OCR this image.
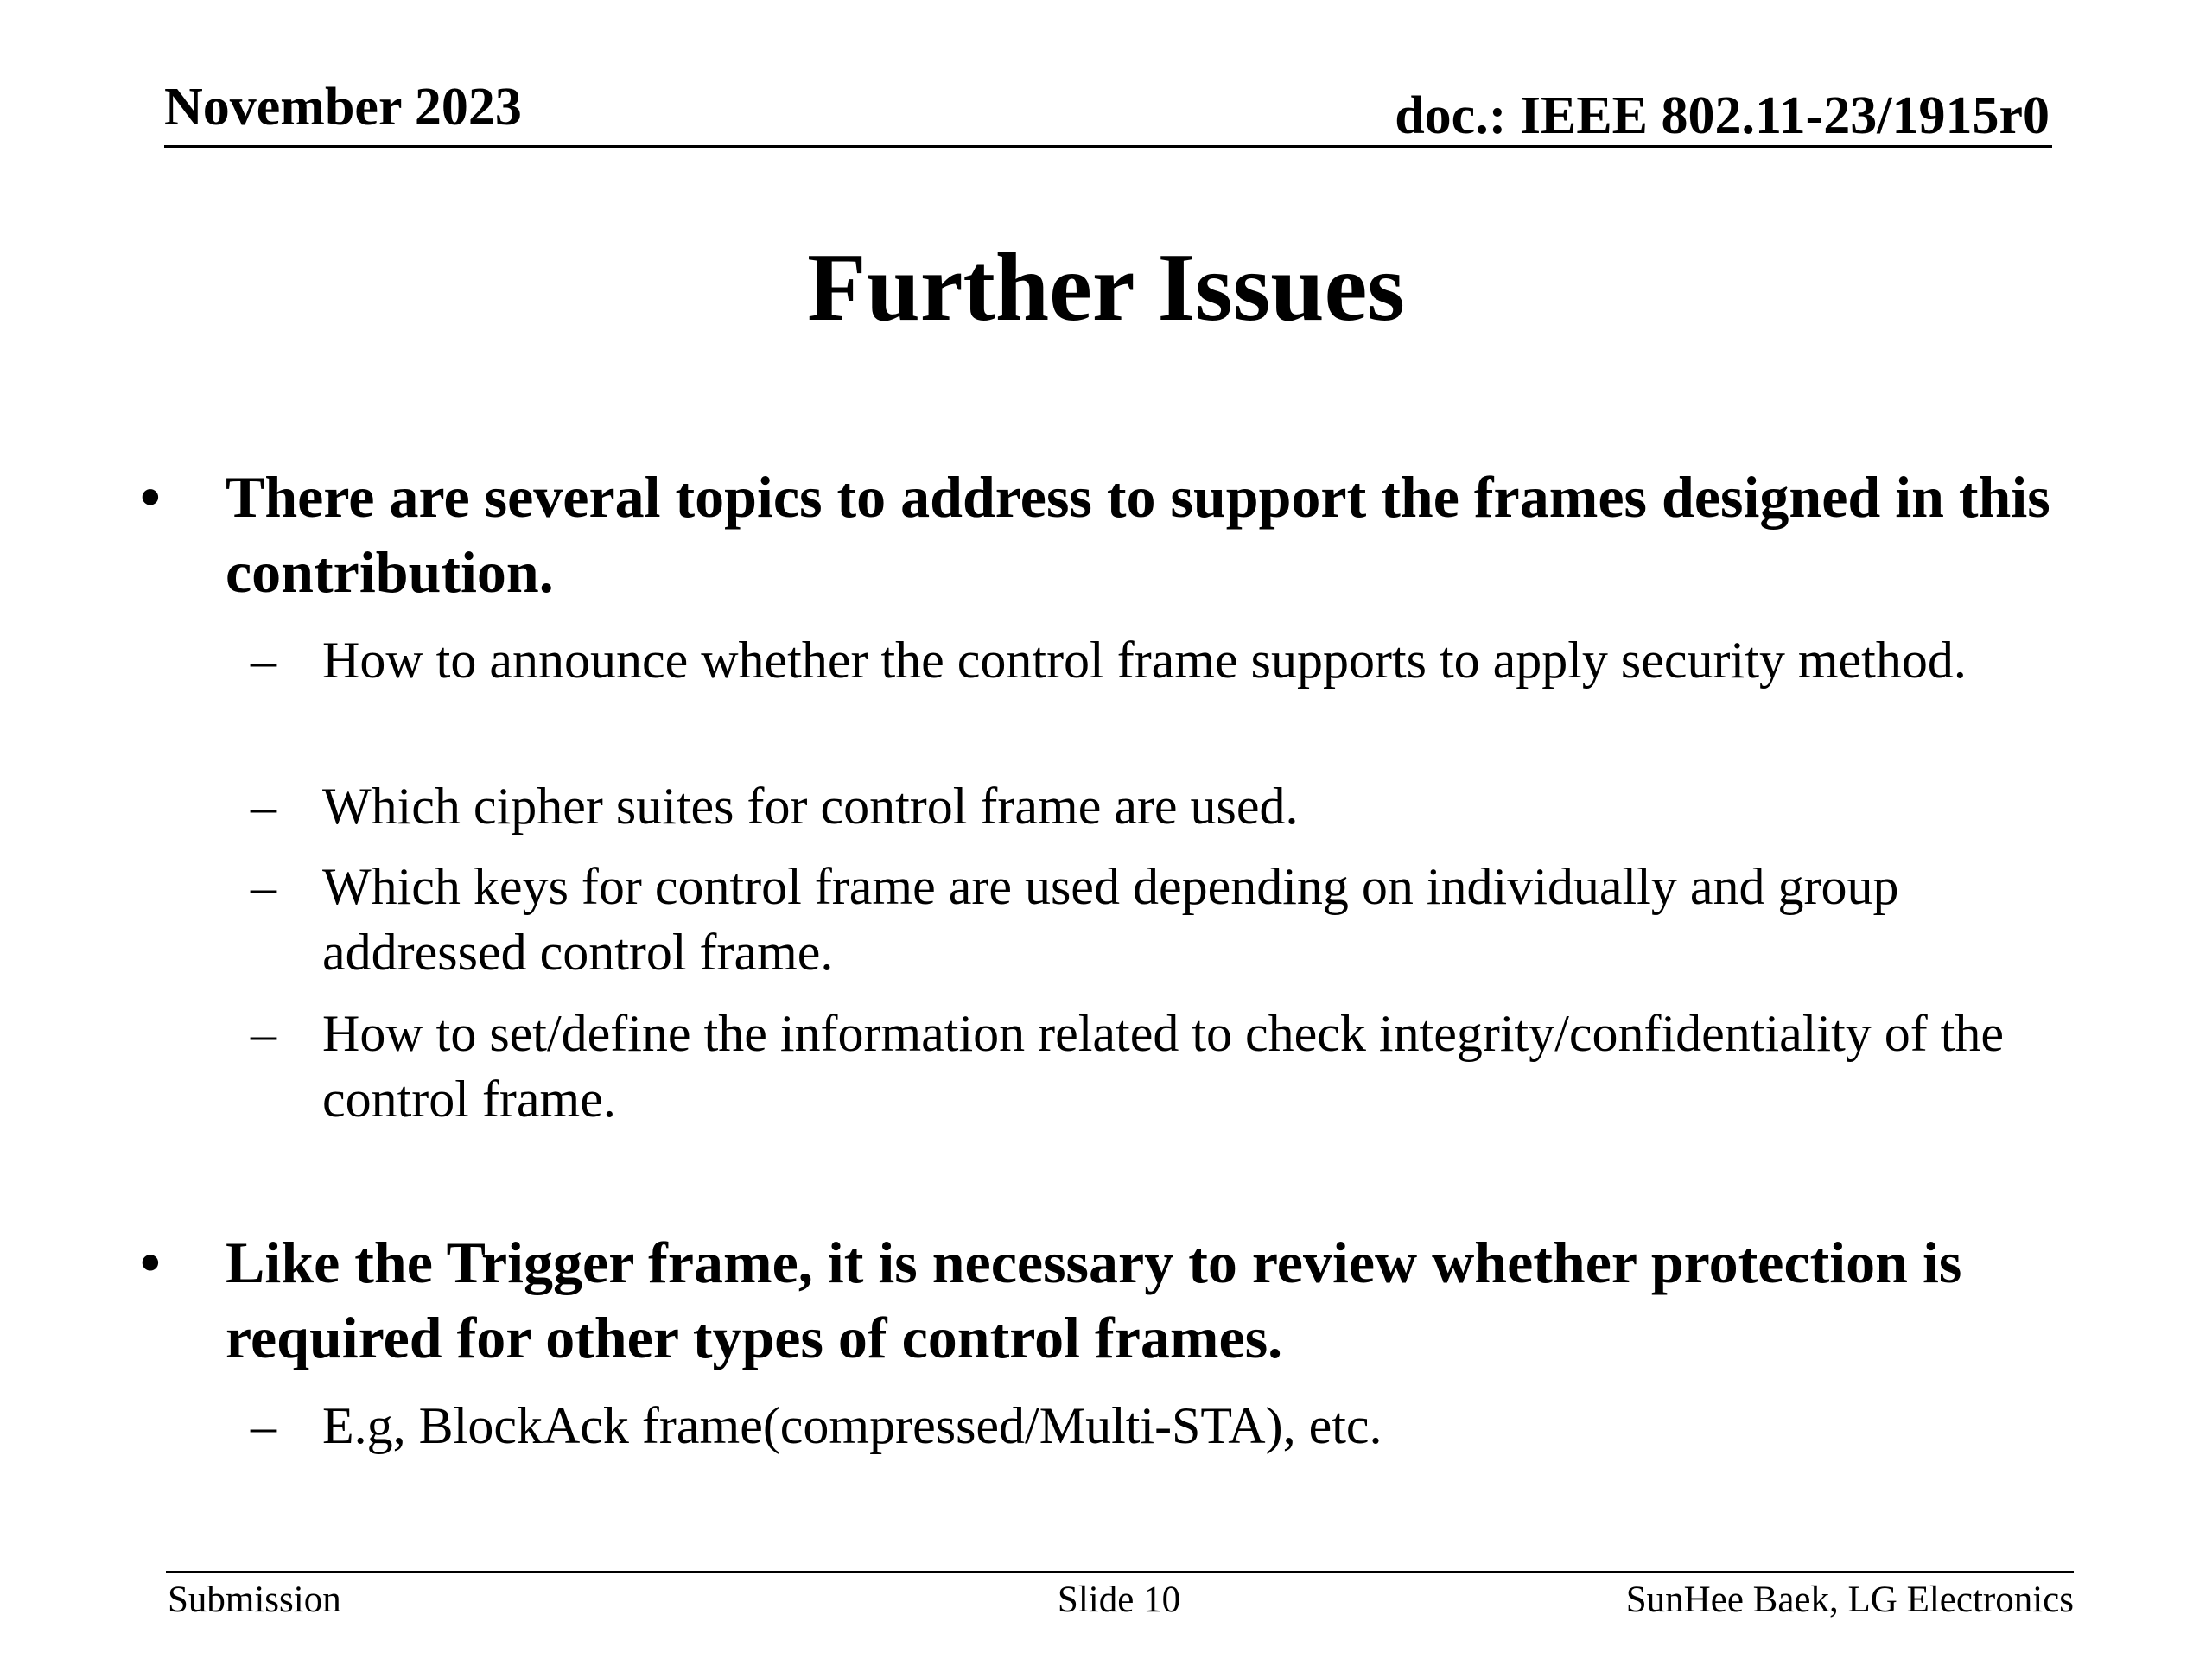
November 2023	doc.: IEEE 802.11-23/1915r0
Further Issues
•	There are several topics to address to support the frames designed in this contribution.
– How to announce whether the control frame supports to apply security method.
– Which cipher suites for control frame are used.
– Which keys for control frame are used depending on individually and group addressed control frame.
– How to set/define the information related to check integrity/confidentiality of the control frame.
•	Like the Trigger frame, it is necessary to review whether protection is required for other types of control frames.
– E.g, BlockAck frame(compressed/Multi-STA), etc.
Submission	Slide 10	SunHee Baek, LG Electronics
